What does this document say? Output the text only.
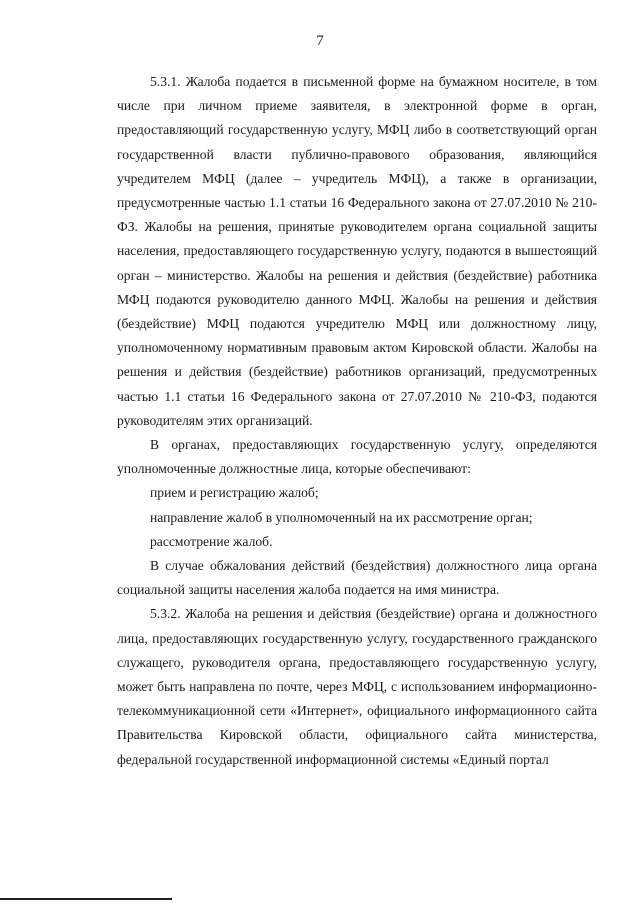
7

5.3.1. Жалоба подается в письменной форме на бумажном носителе, в том числе при личном приеме заявителя, в электронной форме в орган, предоставляющий государственную услугу, МФЦ либо в соответствующий орган государственной власти публично-правового образования, являющийся учредителем МФЦ (далее – учредитель МФЦ), а также в организации, предусмотренные частью 1.1 статьи 16 Федерального закона от 27.07.2010 № 210-ФЗ. Жалобы на решения, принятые руководителем органа социальной защиты населения, предоставляющего государственную услугу, подаются в вышестоящий орган – министерство. Жалобы на решения и действия (бездействие) работника МФЦ подаются руководителю данного МФЦ. Жалобы на решения и действия (бездействие) МФЦ подаются учредителю МФЦ или должностному лицу, уполномоченному нормативным правовым актом Кировской области. Жалобы на решения и действия (бездействие) работников организаций, предусмотренных частью 1.1 статьи 16 Федерального закона от 27.07.2010 № 210-ФЗ, подаются руководителям этих организаций.

В органах, предоставляющих государственную услугу, определяются уполномоченные должностные лица, которые обеспечивают:

прием и регистрацию жалоб;

направление жалоб в уполномоченный на их рассмотрение орган;

рассмотрение жалоб.

В случае обжалования действий (бездействия) должностного лица органа социальной защиты населения жалоба подается на имя министра.

5.3.2. Жалоба на решения и действия (бездействие) органа и должностного лица, предоставляющих государственную услугу, государственного гражданского служащего, руководителя органа, предоставляющего государственную услугу, может быть направлена по почте, через МФЦ, с использованием информационно-телекоммуникационной сети «Интернет», официального информационного сайта Правительства Кировской области, официального сайта министерства, федеральной государственной информационной системы «Единый портал
